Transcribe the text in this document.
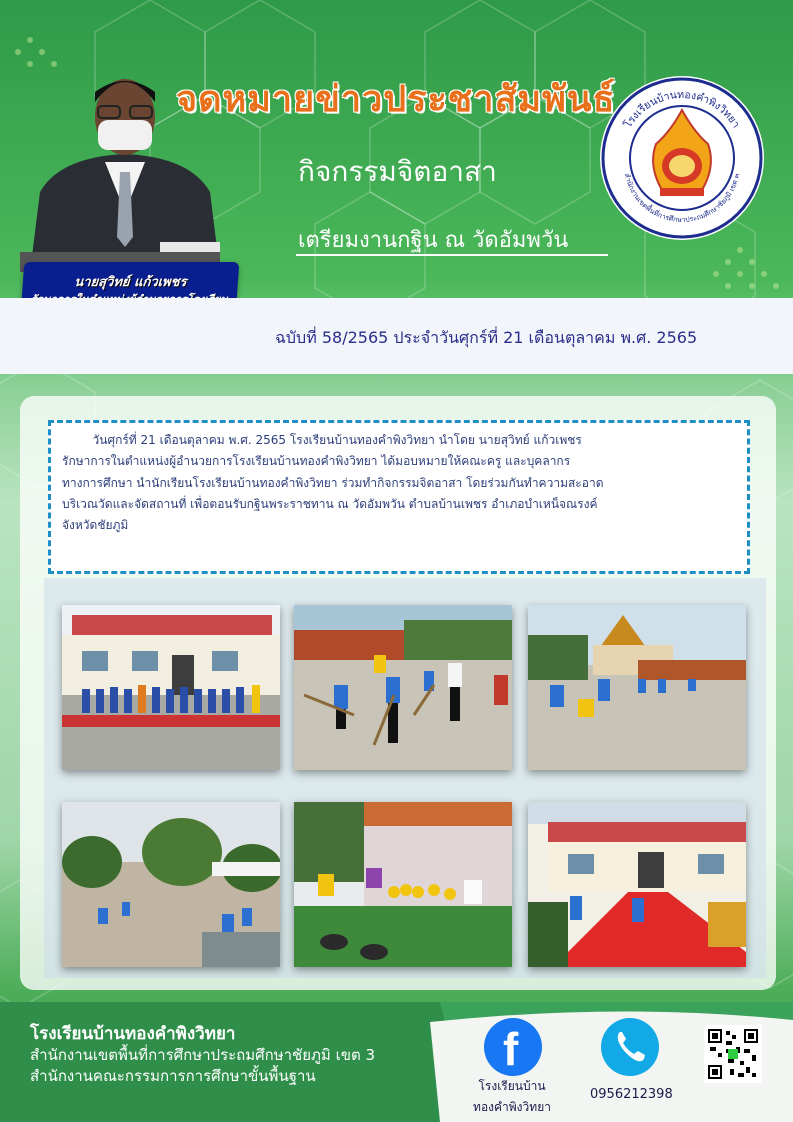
นายสุวิทย์ แก้วเพชร
จดหมายข่าวประชาสัมพันธ์
กิจกรรมจิตอาสา
เตรียมงานกฐิน ณ วัดอัมพวัน
โรงเรียนบ้านทองคำพิงวิทยา
สำนักงานเขตพื้นที่การศึกษาประถมศึกษาชัยภูมิ เขต ๓
ฉบับที่ 58/2565 ประจำวันศุกร์ที่ 21 เดือนตุลาคม พ.ศ. 2565
วันศุกร์ที่ 21 เดือนตุลาคม พ.ศ. 2565 โรงเรียนบ้านทองคำพิงวิทยา นำโดย นายสุวิทย์ แก้วเพชร
รักษาการในตำแหน่งผู้อำนวยการโรงเรียนบ้านทองคำพิงวิทยา ได้มอบหมายให้คณะครู และบุคลากร
ทางการศึกษา นำนักเรียนโรงเรียนบ้านทองคำพิงวิทยา ร่วมทำกิจกรรมจิตอาสา โดยร่วมกันทำความสะอาด
บริเวณวัดและจัดสถานที่ เพื่อตอนรับกฐินพระราชทาน ณ วัดอัมพวัน ตำบลบ้านเพชร อำเภอบำเหน็จณรงค์
จังหวัดชัยภูมิ
โรงเรียนบ้านทองคำพิงวิทยา
สำนักงานเขตพื้นที่การศึกษาประถมศึกษาชัยภูมิ เขต 3
สำนักงานคณะกรรมการการศึกษาขั้นพื้นฐาน
f
โรงเรียนบ้าน
ทองคำพิงวิทยา
0956212398
